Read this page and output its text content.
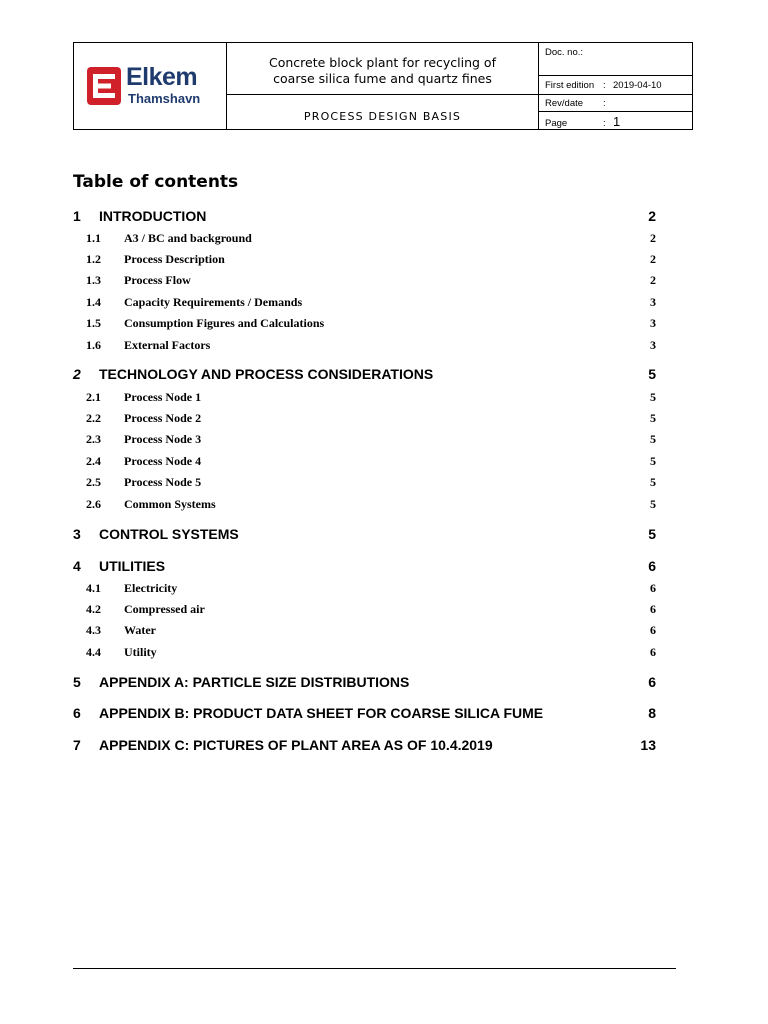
Elkem
Thamshavn
Concrete block plant for recycling of
coarse silica fume and quartz fines
PROCESS DESIGN BASIS
Doc. no.:
First edition : 2019-04-10
Rev/date :
Page	: 1
Table of contents
1 INTRODUCTION	2
1.1 A3 / BC and background	2
1.2 Process Description	2
1.3 Process Flow	2
1.4 Capacity Requirements / Demands	3
1.5 Consumption Figures and Calculations	3
1.6 External Factors	3
2 TECHNOLOGY AND PROCESS CONSIDERATIONS	5
2.1 Process Node 1	5
2.2 Process Node 2	5
2.3 Process Node 3	5
2.4 Process Node 4	5
2.5 Process Node 5	5
2.6 Common Systems	5
3 CONTROL SYSTEMS	5
4 UTILITIES	6
4.1 Electricity	6
4.2 Compressed air	6
4.3 Water	6
4.4 Utility	6
5 APPENDIX A: PARTICLE SIZE DISTRIBUTIONS	6
6 APPENDIX B: PRODUCT DATA SHEET FOR COARSE SILICA FUME	8
7 APPENDIX C: PICTURES OF PLANT AREA AS OF 10.4.2019	13
